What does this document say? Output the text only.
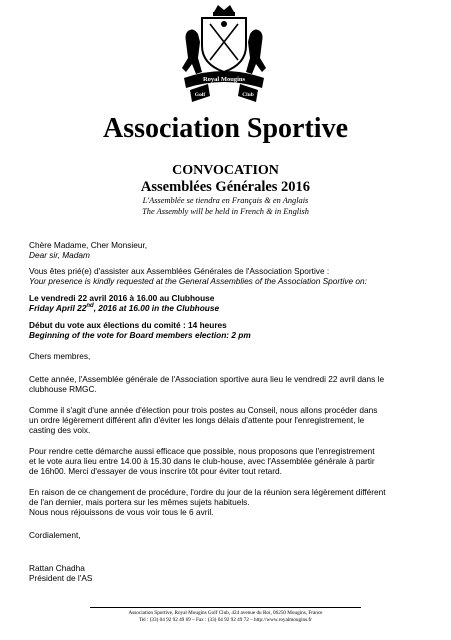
Royal Mougins
Golf	Club
Association Sportive
CONVOCATION
Assemblées Générales 2016
L'Assemblée se tiendra en Français & en Anglais
The Assembly will be held in French & in English

Chère Madame, Cher Monsieur,

Dear sir, Madam

Vous êtes prié(e) d'assister aux Assemblées Générales de l'Association Sportive :

Your presence is kindly requested at the General Assemblies of the Association Sportive on:

Le vendredi 22 avril 2016 à 16.00 au Clubhouse

Friday April 22nd, 2016 at 16.00 in the Clubhouse

Début du vote aux élections du comité : 14 heures

Beginning of the vote for Board members election: 2 pm

Chers membres,

Cette année, l'Assemblée générale de l'Association sportive aura lieu le vendredi 22 avril dans le

clubhouse RMGC.

Comme il s'agit d'une année d'élection pour trois postes au Conseil, nous allons procéder dans

un ordre légèrement différent afin d'éviter les longs délais d'attente pour l'enregistrement, le

casting des voix.

Pour rendre cette démarche aussi efficace que possible, nous proposons que l'enregistrement

et le vote aura lieu entre 14.00 à 15.30 dans le club-house, avec l'Assemblée générale à partir

de 16h00. Merci d'essayer de vous inscrire tôt pour éviter tout retard.

En raison de ce changement de procédure, l'ordre du jour de la réunion sera légèrement différent

de l'an dernier, mais portera sur les mêmes sujets habituels.

Nous nous réjouissons de vous voir tous le 6 avril.

Cordialement,

Rattan Chadha

Président de l'AS

Association Sportive, Royal Mougins Golf Club, 424 avenue du Roi, 06250 Mougins, France
Tel : (33) 04 92 92 49 69 – Fax : (33) 04 92 92 49 72 – http://www.royalmougins.fr
